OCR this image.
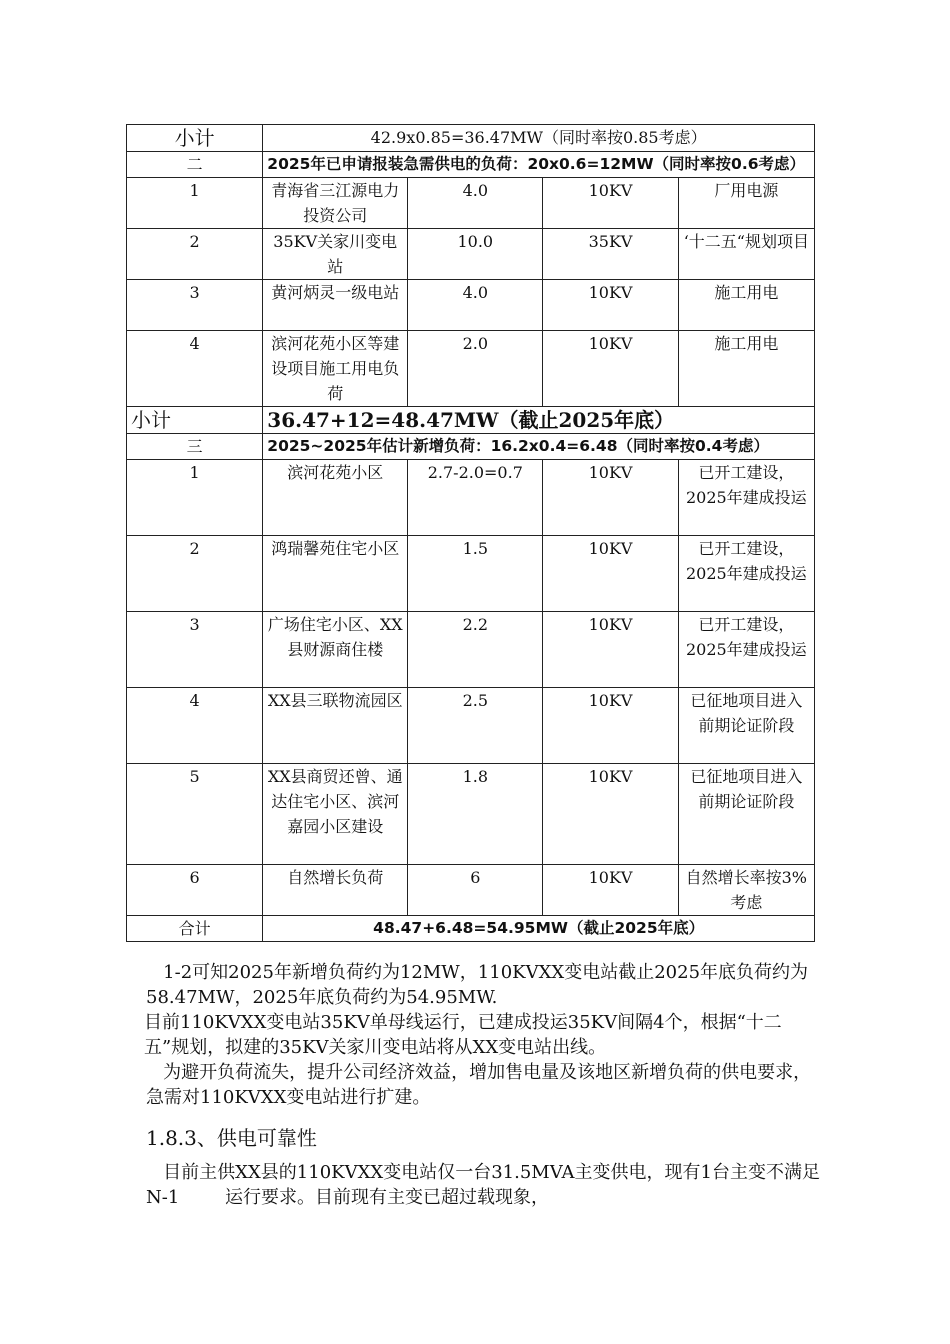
小计	42.9x0.85=36.47MW（同时率按0.85考虑）			
二	2025年已申请报装急需供电的负荷：20x0.6=12MW（同时率按0.6考虑）			
1	青海省三江源电力投资公司	4.0	10KV	厂用电源
2	35KV关家川变电站	10.0	35KV	‘十二五“规划项目
3	黄河炳灵一级电站	4.0	10KV	施工用电
4	滨河花苑小区等建设项目施工用电负荷	2.0	10KV	施工用电
小计	36.47+12=48.47MW（截止2025年底）			
三	2025~2025年估计新增负荷：16.2x0.4=6.48（同时率按0.4考虑）			
1	滨河花苑小区	2.7-2.0=0.7	10KV	已开工建设，2025年建成投运
2	鸿瑞馨苑住宅小区	1.5	10KV	已开工建设，2025年建成投运
3	广场住宅小区、XX县财源商住楼	2.2	10KV	已开工建设，2025年建成投运
4	XX县三联物流园区	2.5	10KV	已征地项目进入前期论证阶段
5	XX县商贸还曾、通达住宅小区、滨河嘉园小区建设	1.8	10KV	已征地项目进入前期论证阶段
6	自然增长负荷	6	10KV	自然增长率按3%考虑
合计	48.47+6.48=54.95MW（截止2025年底）			

1-2可知2025年新增负荷约为12MW，110KVXX变电站截止2025年底负荷约为58.47MW，2025年底负荷约为54.95MW.

目前110KVXX变电站35KV单母线运行，已建成投运35KV间隔4个，根据“十二五”规划，拟建的35KV关家川变电站将从XX变电站出线。

为避开负荷流失，提升公司经济效益，增加售电量及该地区新增负荷的供电要求，急需对110KVXX变电站进行扩建。

1.8.3、供电可靠性

目前主供XX县的110KVXX变电站仅一台31.5MVA主变供电，现有1台主变不满足N-1        运行要求。目前现有主变已超过载现象，
